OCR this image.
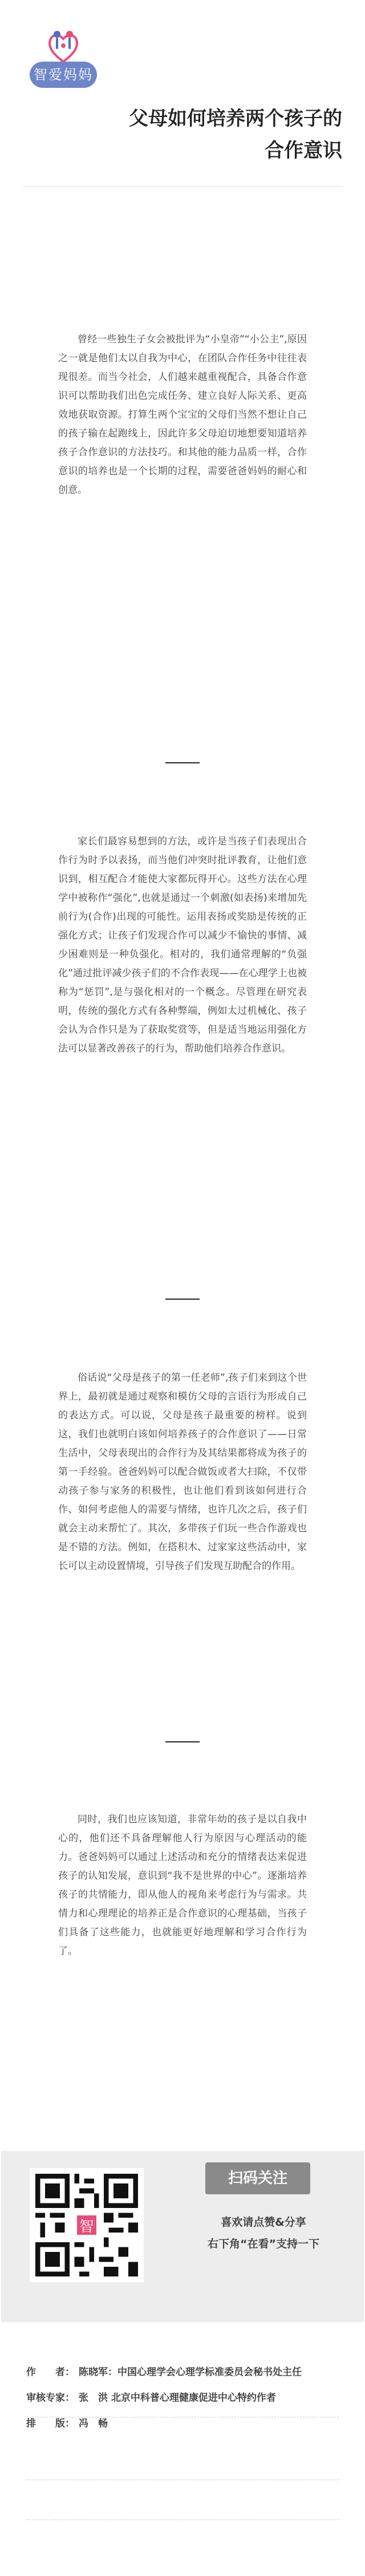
智爱妈妈
父母如何培养两个孩子的
合作意识

曾经一些独生子女会被批评为“小皇帝”“小公主”,原因之一就是他们太以自我为中心，在团队合作任务中往往表现很差。而当今社会，人们越来越重视配合，具备合作意识可以帮助我们出色完成任务、建立良好人际关系、更高效地获取资源。打算生两个宝宝的父母们当然不想让自己的孩子输在起跑线上，因此许多父母迫切地想要知道培养孩子合作意识的方法技巧。和其他的能力品质一样，合作意识的培养也是一个长期的过程，需要爸爸妈妈的耐心和创意。

家长们最容易想到的方法，或许是当孩子们表现出合作行为时予以表扬，而当他们冲突时批评教育，让他们意识到，相互配合才能使大家都玩得开心。这些方法在心理学中被称作“强化”,也就是通过一个刺激(如表扬)来增加先前行为(合作)出现的可能性。运用表扬或奖励是传统的正强化方式；让孩子们发现合作可以减少不愉快的事情、减少困难则是一种负强化。相对的，我们通常理解的“负强化”通过批评减少孩子们的不合作表现——在心理学上也被称为“惩罚”,是与强化相对的一个概念。尽管理在研究表明，传统的强化方式有各种弊端，例如太过机械化、孩子会认为合作只是为了获取奖赏等，但是适当地运用强化方法可以显著改善孩子的行为，帮助他们培养合作意识。

俗话说“父母是孩子的第一任老师”,孩子们来到这个世界上，最初就是通过观察和模仿父母的言语行为形成自己的表达方式。可以说，父母是孩子最重要的榜样。说到这，我们也就明白该如何培养孩子的合作意识了——日常生活中，父母表现出的合作行为及其结果都将成为孩子的第一手经验。爸爸妈妈可以配合做饭或者大扫除，不仅带动孩子参与家务的积极性，也让他们看到该如何进行合作、如何考虑他人的需要与情绪，也许几次之后，孩子们就会主动来帮忙了。其次，多带孩子们玩一些合作游戏也是不错的方法。例如，在搭积木、过家家这些活动中，家长可以主动设置情境，引导孩子们发现互助配合的作用。

同时，我们也应该知道，非常年幼的孩子是以自我中心的，他们还不具备理解他人行为原因与心理活动的能力。爸爸妈妈可以通过上述活动和充分的情绪表达来促进孩子的认知发展，意识到“我不是世界的中心”。逐渐培养孩子的共情能力，即从他人的视角来考虑行为与需求。共情力和心理理论的培养正是合作意识的心理基础，当孩子们具备了这些能力，也就能更好地理解和学习合作行为了。

智
扫码关注
喜欢请点赞&分享
右下角“在看”支持一下
作　　者： 陈晓军：中国心理学会心理学标准委员会秘书处主任
审核专家： 张　洪 北京中科普心理健康促进中心特约作者
排　　版： 冯　畅
